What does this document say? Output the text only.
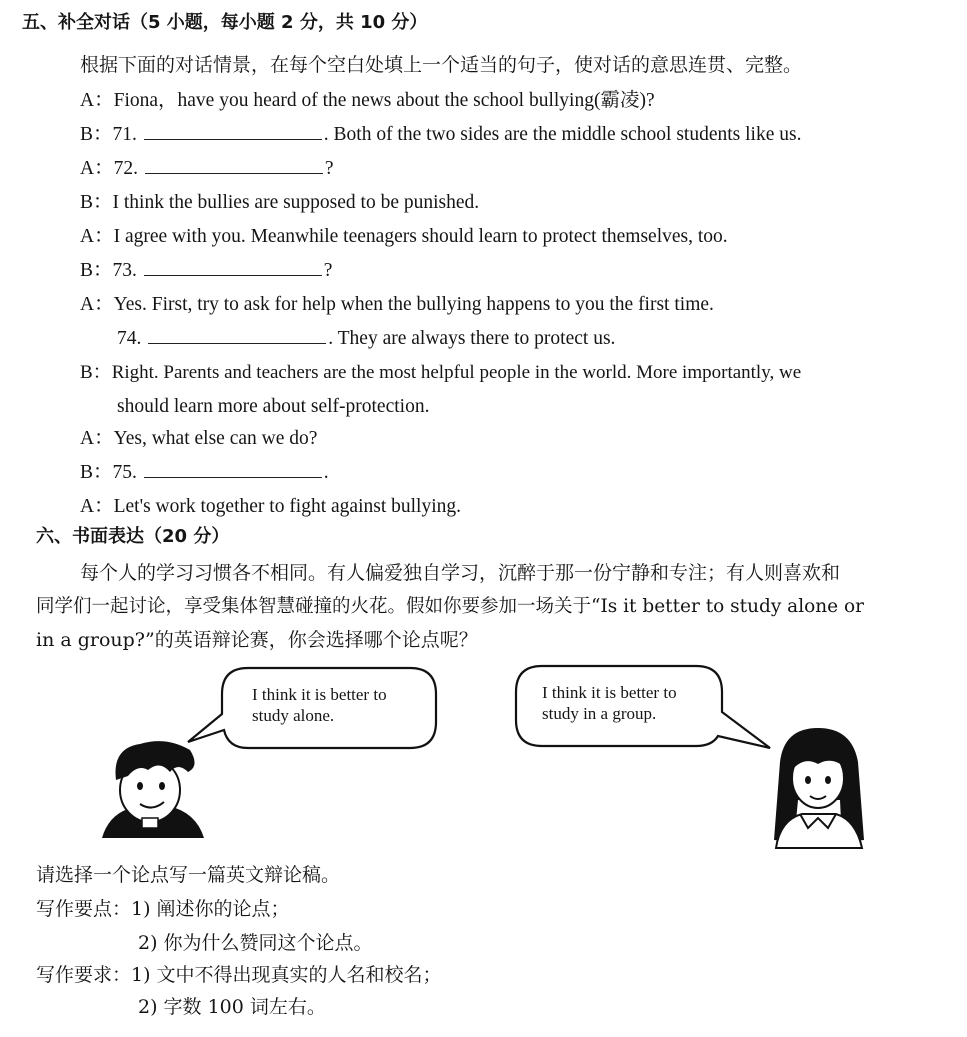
五、补全对话（5 小题，每小题 2 分，共 10 分）
根据下面的对话情景，在每个空白处填上一个适当的句子，使对话的意思连贯、完整。
A：Fiona，have you heard of the news about the school bullying(霸凌)?
B：71.	. Both of the two sides are the middle school students like us.
A：72.	?
B：I think the bullies are supposed to be punished.
A：I agree with you. Meanwhile teenagers should learn to protect themselves, too.
B：73.	?
A：Yes. First, try to ask for help when the bullying happens to you the first time.
74.	. They are always there to protect us.
B：Right. Parents and teachers are the most helpful people in the world. More importantly, we
should learn more about self-protection.
A：Yes, what else can we do?
B：75.	.
A：Let's work together to fight against bullying.
六、书面表达（20 分）
每个人的学习习惯各不相同。有人偏爱独自学习，沉醉于那一份宁静和专注；有人则喜欢和
同学们一起讨论，享受集体智慧碰撞的火花。假如你要参加一场关于“Is it better to study alone or
in a group?”的英语辩论赛，你会选择哪个论点呢？
I think it is better to
study alone.
I think it is better to
study in a group.
请选择一个论点写一篇英文辩论稿。
写作要点：1) 阐述你的论点；
2) 你为什么赞同这个论点。
写作要求：1) 文中不得出现真实的人名和校名；
2) 字数 100 词左右。
